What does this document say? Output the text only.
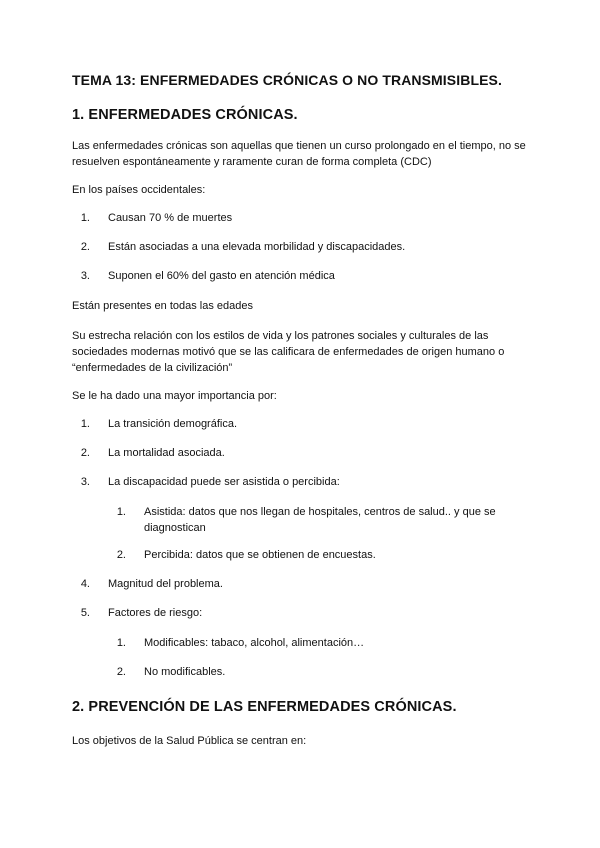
TEMA 13: ENFERMEDADES CRÓNICAS O NO TRANSMISIBLES.
1. ENFERMEDADES CRÓNICAS.
Las enfermedades crónicas son aquellas que tienen un curso prolongado en el tiempo, no se resuelven espontáneamente y raramente curan de forma completa (CDC)
En los países occidentales:
1. Causan 70 % de muertes
2. Están asociadas a una elevada morbilidad y discapacidades.
3. Suponen el 60% del gasto en atención médica
Están presentes en todas las edades
Su estrecha relación con los estilos de vida y los patrones sociales y culturales de las sociedades modernas motivó que se las calificara de enfermedades de origen humano o “enfermedades de la civilización”
Se le ha dado una mayor importancia por:
1. La transición demográfica.
2. La mortalidad asociada.
3. La discapacidad puede ser asistida o percibida:
1. Asistida: datos que nos llegan de hospitales, centros de salud.. y que se diagnostican
2. Percibida: datos que se obtienen de encuestas.
4. Magnitud del problema.
5. Factores de riesgo:
1. Modificables: tabaco, alcohol, alimentación…
2. No modificables.
2. PREVENCIÓN DE LAS ENFERMEDADES CRÓNICAS.
Los objetivos de la Salud Pública se centran en:
